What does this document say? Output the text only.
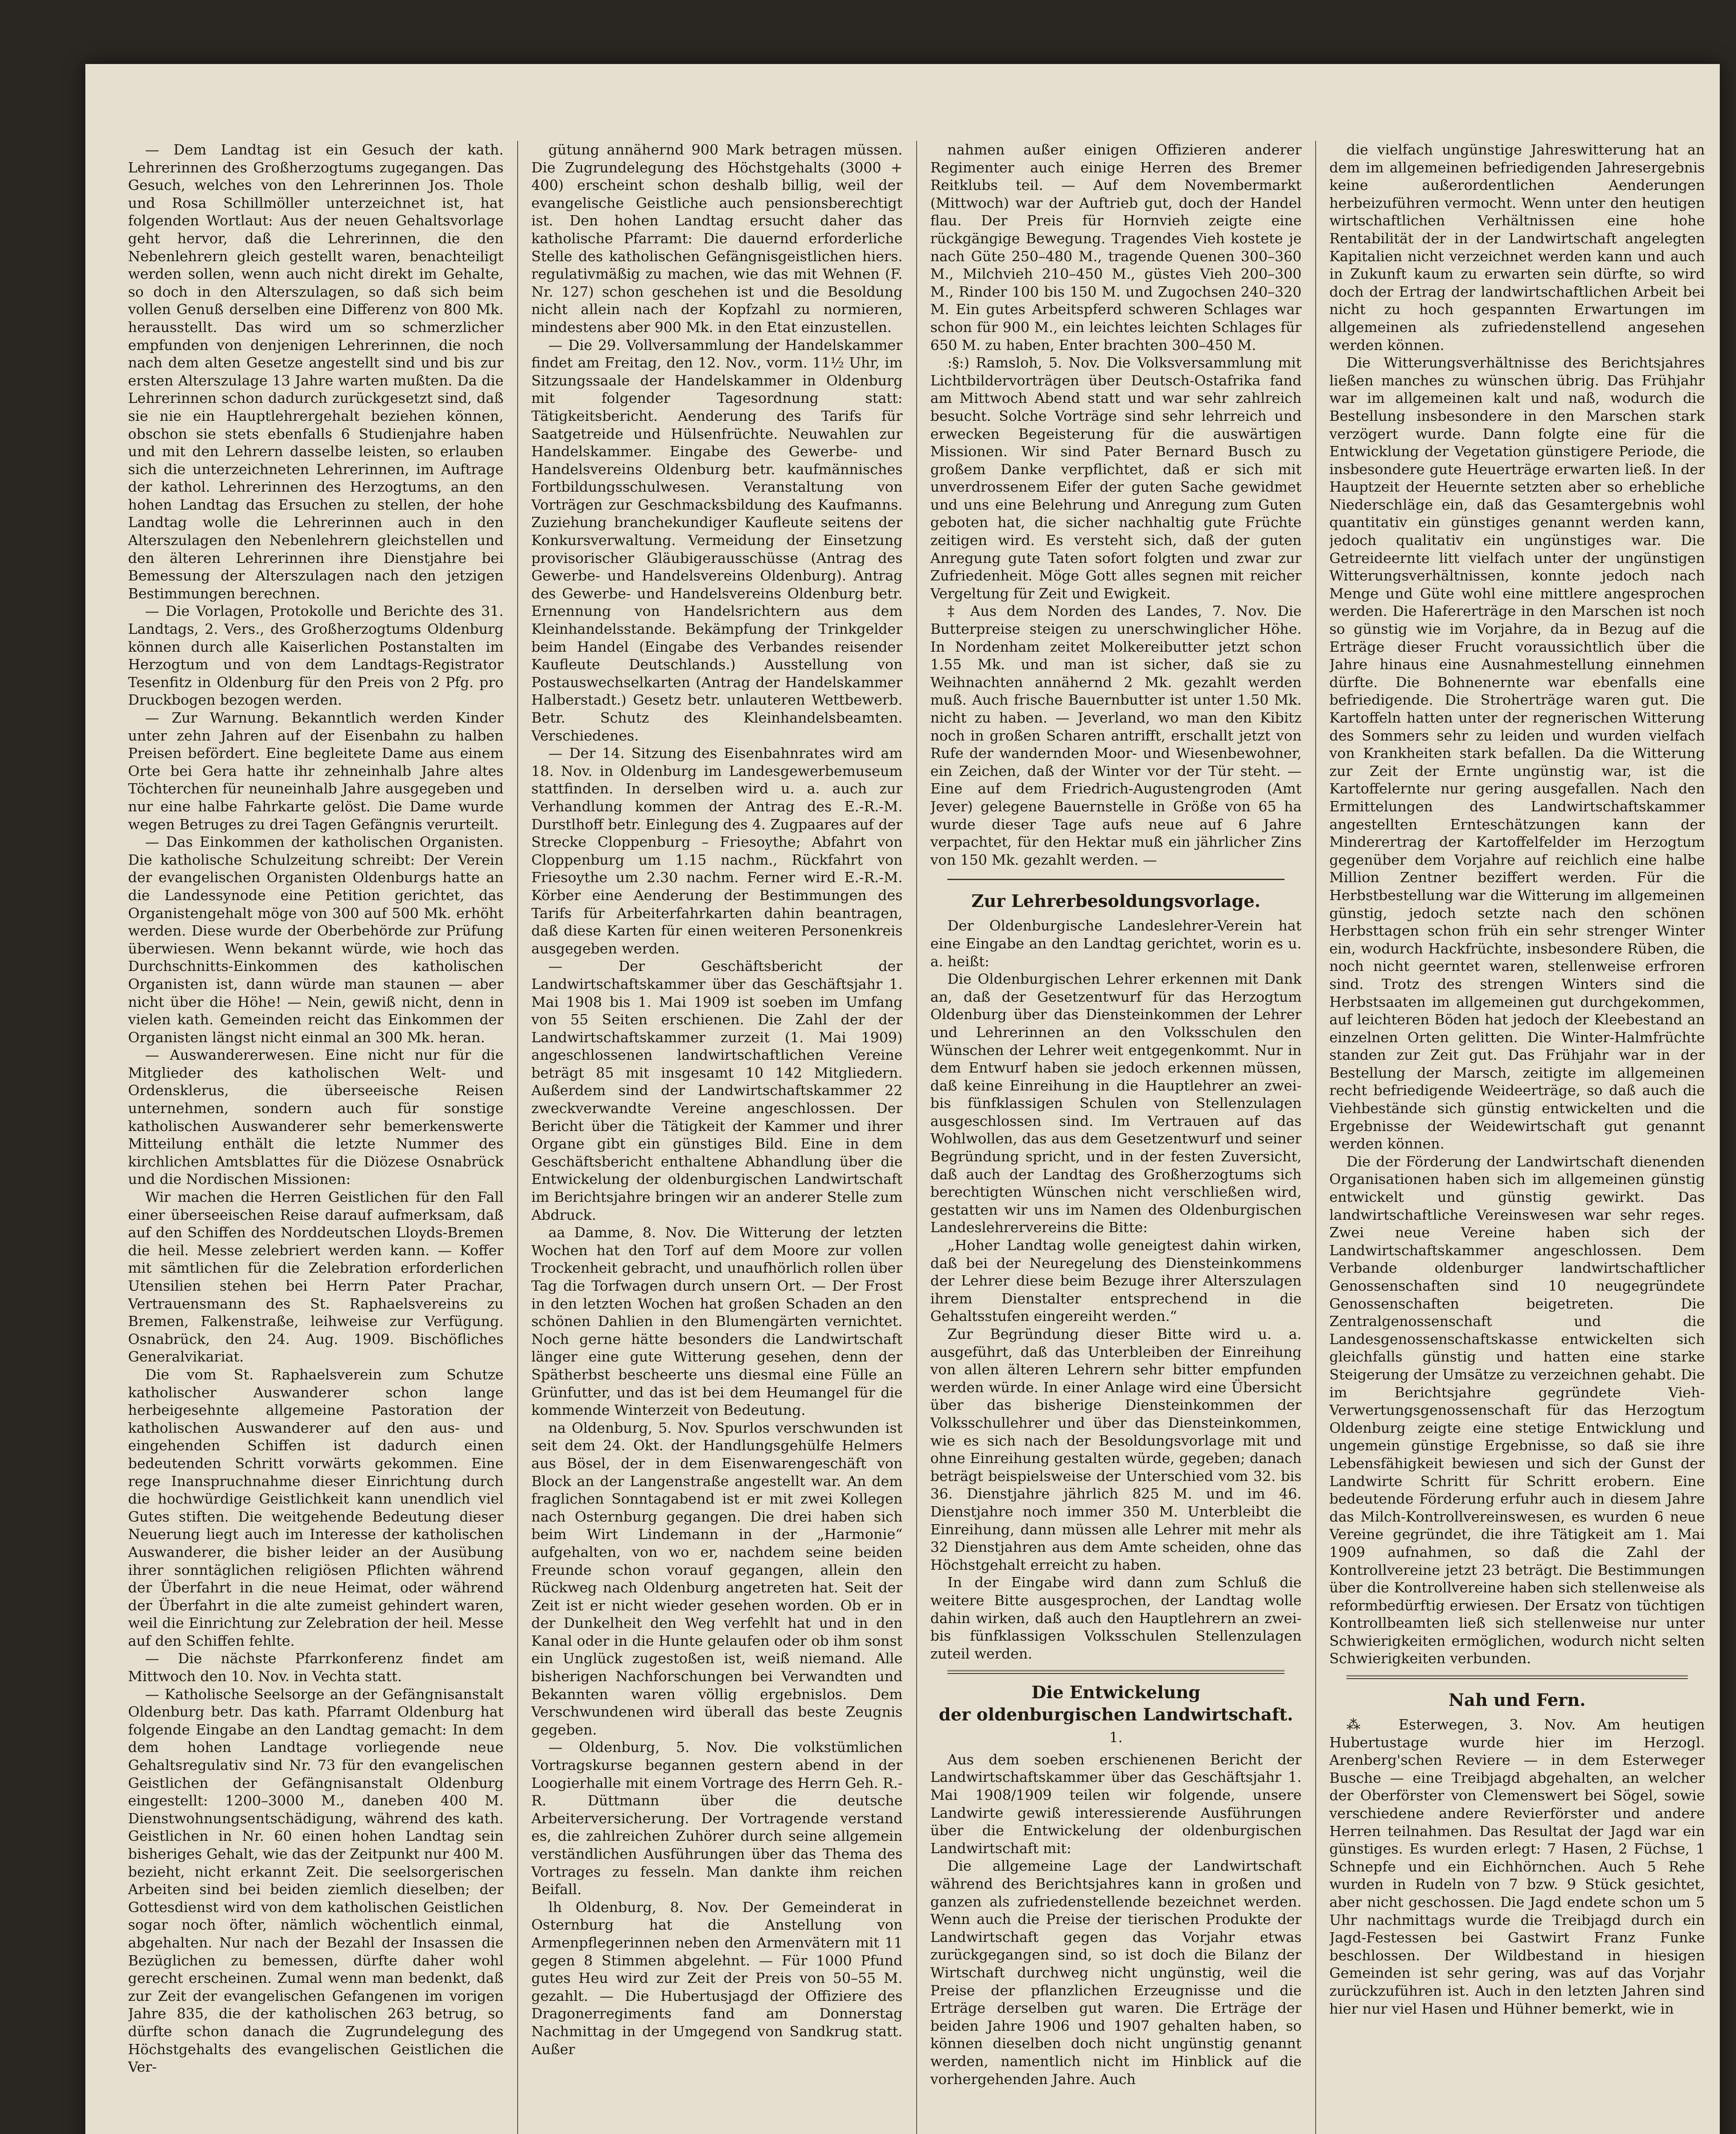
— Dem Landtag ist ein Gesuch der kath. Lehrerinnen des Großherzogtums zugegangen. Das Gesuch, welches von den Lehrerinnen Jos. Thole und Rosa Schillmöller unterzeichnet ist, hat folgenden Wortlaut: Aus der neuen Gehaltsvorlage geht hervor, daß die Lehrerinnen, die den Nebenlehrern gleich gestellt waren, benachteiligt werden sollen, wenn auch nicht direkt im Gehalte, so doch in den Alterszulagen, so daß sich beim vollen Genuß derselben eine Differenz von 800 Mk. herausstellt. Das wird um so schmerzlicher empfunden von denjenigen Lehrerinnen, die noch nach dem alten Gesetze angestellt sind und bis zur ersten Alterszulage 13 Jahre warten mußten. Da die Lehrerinnen schon dadurch zurückgesetzt sind, daß sie nie ein Hauptlehrergehalt beziehen können, obschon sie stets ebenfalls 6 Studienjahre haben und mit den Lehrern dasselbe leisten, so erlauben sich die unterzeichneten Lehrerinnen, im Auftrage der kathol. Lehrerinnen des Herzogtums, an den hohen Landtag das Ersuchen zu stellen, der hohe Landtag wolle die Lehrerinnen auch in den Alterszulagen den Nebenlehrern gleichstellen und den älteren Lehrerinnen ihre Dienstjahre bei Bemessung der Alterszulagen nach den jetzigen Bestimmungen berechnen.

— Die Vorlagen, Protokolle und Berichte des 31. Landtags, 2. Vers., des Großherzogtums Oldenburg können durch alle Kaiserlichen Postanstalten im Herzogtum und von dem Landtags-Registrator Tesenfitz in Oldenburg für den Preis von 2 Pfg. pro Druckbogen bezogen werden.

— Zur Warnung. Bekanntlich werden Kinder unter zehn Jahren auf der Eisenbahn zu halben Preisen befördert. Eine begleitete Dame aus einem Orte bei Gera hatte ihr zehneinhalb Jahre altes Töchterchen für neuneinhalb Jahre ausgegeben und nur eine halbe Fahrkarte gelöst. Die Dame wurde wegen Betruges zu drei Tagen Gefängnis verurteilt.

— Das Einkommen der katholischen Organisten. Die katholische Schulzeitung schreibt: Der Verein der evangelischen Organisten Oldenburgs hatte an die Landessynode eine Petition gerichtet, das Organistengehalt möge von 300 auf 500 Mk. erhöht werden. Diese wurde der Oberbehörde zur Prüfung überwiesen. Wenn bekannt würde, wie hoch das Durchschnitts-Einkommen des katholischen Organisten ist, dann würde man staunen — aber nicht über die Höhe! — Nein, gewiß nicht, denn in vielen kath. Gemeinden reicht das Einkommen der Organisten längst nicht einmal an 300 Mk. heran.

— Auswandererwesen. Eine nicht nur für die Mitglieder des katholischen Welt- und Ordensklerus, die überseeische Reisen unternehmen, sondern auch für sonstige katholischen Auswanderer sehr bemerkenswerte Mitteilung enthält die letzte Nummer des kirchlichen Amtsblattes für die Diözese Osnabrück und die Nordischen Missionen:

Wir machen die Herren Geistlichen für den Fall einer überseeischen Reise darauf aufmerksam, daß auf den Schiffen des Norddeutschen Lloyds-Bremen die heil. Messe zelebriert werden kann. — Koffer mit sämtlichen für die Zelebration erforderlichen Utensilien stehen bei Herrn Pater Prachar, Vertrauensmann des St. Raphaelsvereins zu Bremen, Falkenstraße, leihweise zur Verfügung. Osnabrück, den 24. Aug. 1909. Bischöfliches Generalvikariat.

Die vom St. Raphaelsverein zum Schutze katholischer Auswanderer schon lange herbeigesehnte allgemeine Pastoration der katholischen Auswanderer auf den aus- und eingehenden Schiffen ist dadurch einen bedeutenden Schritt vorwärts gekommen. Eine rege Inanspruchnahme dieser Einrichtung durch die hochwürdige Geistlichkeit kann unendlich viel Gutes stiften. Die weitgehende Bedeutung dieser Neuerung liegt auch im Interesse der katholischen Auswanderer, die bisher leider an der Ausübung ihrer sonntäglichen religiösen Pflichten während der Überfahrt in die neue Heimat, oder während der Überfahrt in die alte zumeist gehindert waren, weil die Einrichtung zur Zelebration der heil. Messe auf den Schiffen fehlte.

— Die nächste Pfarrkonferenz findet am Mittwoch den 10. Nov. in Vechta statt.

— Katholische Seelsorge an der Gefängnisanstalt Oldenburg betr. Das kath. Pfarramt Oldenburg hat folgende Eingabe an den Landtag gemacht: In dem dem hohen Landtage vorliegende neue Gehaltsregulativ sind Nr. 73 für den evangelischen Geistlichen der Gefängnisanstalt Oldenburg eingestellt: 1200–3000 M., daneben 400 M. Dienstwohnungsentschädigung, während des kath. Geistlichen in Nr. 60 einen hohen Landtag sein bisheriges Gehalt, wie das der Zeitpunkt nur 400 M. bezieht, nicht erkannt Zeit. Die seelsorgerischen Arbeiten sind bei beiden ziemlich dieselben; der Gottesdienst wird von dem katholischen Geistlichen sogar noch öfter, nämlich wöchentlich einmal, abgehalten. Nur nach der Bezahl der Insassen die Bezüglichen zu bemessen, dürfte daher wohl gerecht erscheinen. Zumal wenn man bedenkt, daß zur Zeit der evangelischen Gefangenen im vorigen Jahre 835, die der katholischen 263 betrug, so dürfte schon danach die Zugrundelegung des Höchstgehalts des evangelischen Geistlichen die Ver-

gütung annähernd 900 Mark betragen müssen. Die Zugrundelegung des Höchstgehalts (3000 + 400) erscheint schon deshalb billig, weil der evangelische Geistliche auch pensionsberechtigt ist. Den hohen Landtag ersucht daher das katholische Pfarramt: Die dauernd erforderliche Stelle des katholischen Gefängnisgeistlichen hiers. regulativmäßig zu machen, wie das mit Wehnen (F. Nr. 127) schon geschehen ist und die Besoldung nicht allein nach der Kopfzahl zu normieren, mindestens aber 900 Mk. in den Etat einzustellen.

— Die 29. Vollversammlung der Handelskammer findet am Freitag, den 12. Nov., vorm. 11½ Uhr, im Sitzungssaale der Handelskammer in Oldenburg mit folgender Tagesordnung statt: Tätigkeitsbericht. Aenderung des Tarifs für Saatgetreide und Hülsenfrüchte. Neuwahlen zur Handelskammer. Eingabe des Gewerbe- und Handelsvereins Oldenburg betr. kaufmännisches Fortbildungsschulwesen. Veranstaltung von Vorträgen zur Geschmacksbildung des Kaufmanns. Zuziehung branchekundiger Kaufleute seitens der Konkursverwaltung. Vermeidung der Einsetzung provisorischer Gläubigerausschüsse (Antrag des Gewerbe- und Handelsvereins Oldenburg). Antrag des Gewerbe- und Handelsvereins Oldenburg betr. Ernennung von Handelsrichtern aus dem Kleinhandelsstande. Bekämpfung der Trinkgelder beim Handel (Eingabe des Verbandes reisender Kaufleute Deutschlands.) Ausstellung von Postauswechselkarten (Antrag der Handelskammer Halberstadt.) Gesetz betr. unlauteren Wettbewerb. Betr. Schutz des Kleinhandelsbeamten. Verschiedenes.

— Der 14. Sitzung des Eisenbahnrates wird am 18. Nov. in Oldenburg im Landesgewerbemuseum stattfinden. In derselben wird u. a. auch zur Verhandlung kommen der Antrag des E.-R.-M. Durstlhoff betr. Einlegung des 4. Zugpaares auf der Strecke Cloppenburg – Friesoythe; Abfahrt von Cloppenburg um 1.15 nachm., Rückfahrt von Friesoythe um 2.30 nachm. Ferner wird E.-R.-M. Körber eine Aenderung der Bestimmungen des Tarifs für Arbeiterfahrkarten dahin beantragen, daß diese Karten für einen weiteren Personenkreis ausgegeben werden.

— Der Geschäftsbericht der Landwirtschaftskammer über das Geschäftsjahr 1. Mai 1908 bis 1. Mai 1909 ist soeben im Umfang von 55 Seiten erschienen. Die Zahl der der Landwirtschaftskammer zurzeit (1. Mai 1909) angeschlossenen landwirtschaftlichen Vereine beträgt 85 mit insgesamt 10 142 Mitgliedern. Außerdem sind der Landwirtschaftskammer 22 zweckverwandte Vereine angeschlossen. Der Bericht über die Tätigkeit der Kammer und ihrer Organe gibt ein günstiges Bild. Eine in dem Geschäftsbericht enthaltene Abhandlung über die Entwickelung der oldenburgischen Landwirtschaft im Berichtsjahre bringen wir an anderer Stelle zum Abdruck.

aa Damme, 8. Nov. Die Witterung der letzten Wochen hat den Torf auf dem Moore zur vollen Trockenheit gebracht, und unaufhörlich rollen über Tag die Torfwagen durch unsern Ort. — Der Frost in den letzten Wochen hat großen Schaden an den schönen Dahlien in den Blumengärten vernichtet. Noch gerne hätte besonders die Landwirtschaft länger eine gute Witterung gesehen, denn der Spätherbst bescheerte uns diesmal eine Fülle an Grünfutter, und das ist bei dem Heumangel für die kommende Winterzeit von Bedeutung.

na Oldenburg, 5. Nov. Spurlos verschwunden ist seit dem 24. Okt. der Handlungsgehülfe Helmers aus Bösel, der in dem Eisenwarengeschäft von Block an der Langenstraße angestellt war. An dem fraglichen Sonntagabend ist er mit zwei Kollegen nach Osternburg gegangen. Die drei haben sich beim Wirt Lindemann in der „Harmonie“ aufgehalten, von wo er, nachdem seine beiden Freunde schon vorauf gegangen, allein den Rückweg nach Oldenburg angetreten hat. Seit der Zeit ist er nicht wieder gesehen worden. Ob er in der Dunkelheit den Weg verfehlt hat und in den Kanal oder in die Hunte gelaufen oder ob ihm sonst ein Unglück zugestoßen ist, weiß niemand. Alle bisherigen Nachforschungen bei Verwandten und Bekannten waren völlig ergebnislos. Dem Verschwundenen wird überall das beste Zeugnis gegeben.

— Oldenburg, 5. Nov. Die volkstümlichen Vortragskurse begannen gestern abend in der Loogierhalle mit einem Vortrage des Herrn Geh. R.-R. Düttmann über die deutsche Arbeiterversicherung. Der Vortragende verstand es, die zahlreichen Zuhörer durch seine allgemein verständlichen Ausführungen über das Thema des Vortrages zu fesseln. Man dankte ihm reichen Beifall.

lh Oldenburg, 8. Nov. Der Gemeinderat in Osternburg hat die Anstellung von Armenpflegerinnen neben den Armenvätern mit 11 gegen 8 Stimmen abgelehnt. — Für 1000 Pfund gutes Heu wird zur Zeit der Preis von 50–55 M. gezahlt. — Die Hubertusjagd der Offiziere des Dragonerregiments fand am Donnerstag Nachmittag in der Umgegend von Sandkrug statt. Außer

nahmen außer einigen Offizieren anderer Regimenter auch einige Herren des Bremer Reitklubs teil. — Auf dem Novembermarkt (Mittwoch) war der Auftrieb gut, doch der Handel flau. Der Preis für Hornvieh zeigte eine rückgängige Bewegung. Tragendes Vieh kostete je nach Güte 250–480 M., tragende Quenen 300–360 M., Milchvieh 210–450 M., güstes Vieh 200–300 M., Rinder 100 bis 150 M. und Zugochsen 240–320 M. Ein gutes Arbeitspferd schweren Schlages war schon für 900 M., ein leichtes leichten Schlages für 650 M. zu haben, Enter brachten 300–450 M.

:§:) Ramsloh, 5. Nov. Die Volksversammlung mit Lichtbildervorträgen über Deutsch-Ostafrika fand am Mittwoch Abend statt und war sehr zahlreich besucht. Solche Vorträge sind sehr lehrreich und erwecken Begeisterung für die auswärtigen Missionen. Wir sind Pater Bernard Busch zu großem Danke verpflichtet, daß er sich mit unverdrossenem Eifer der guten Sache gewidmet und uns eine Belehrung und Anregung zum Guten geboten hat, die sicher nachhaltig gute Früchte zeitigen wird. Es versteht sich, daß der guten Anregung gute Taten sofort folgten und zwar zur Zufriedenheit. Möge Gott alles segnen mit reicher Vergeltung für Zeit und Ewigkeit.

‡ Aus dem Norden des Landes, 7. Nov. Die Butterpreise steigen zu unerschwinglicher Höhe. In Nordenham zeitet Molkereibutter jetzt schon 1.55 Mk. und man ist sicher, daß sie zu Weihnachten annähernd 2 Mk. gezahlt werden muß. Auch frische Bauernbutter ist unter 1.50 Mk. nicht zu haben. — Jeverland, wo man den Kibitz noch in großen Scharen antrifft, erschallt jetzt von Rufe der wandernden Moor- und Wiesenbewohner, ein Zeichen, daß der Winter vor der Tür steht. — Eine auf dem Friedrich-Augustengroden (Amt Jever) gelegene Bauernstelle in Größe von 65 ha wurde dieser Tage aufs neue auf 6 Jahre verpachtet, für den Hektar muß ein jährlicher Zins von 150 Mk. gezahlt werden. —

Zur Lehrerbesoldungsvorlage.

Der Oldenburgische Landeslehrer-Verein hat eine Eingabe an den Landtag gerichtet, worin es u. a. heißt:

Die Oldenburgischen Lehrer erkennen mit Dank an, daß der Gesetzentwurf für das Herzogtum Oldenburg über das Diensteinkommen der Lehrer und Lehrerinnen an den Volksschulen den Wünschen der Lehrer weit entgegenkommt. Nur in dem Entwurf haben sie jedoch erkennen müssen, daß keine Einreihung in die Hauptlehrer an zwei- bis fünfklassigen Schulen von Stellenzulagen ausgeschlossen sind. Im Vertrauen auf das Wohlwollen, das aus dem Gesetzentwurf und seiner Begründung spricht, und in der festen Zuversicht, daß auch der Landtag des Großherzogtums sich berechtigten Wünschen nicht verschließen wird, gestatten wir uns im Namen des Oldenburgischen Landeslehrervereins die Bitte:

„Hoher Landtag wolle geneigtest dahin wirken, daß bei der Neuregelung des Diensteinkommens der Lehrer diese beim Bezuge ihrer Alterszulagen ihrem Dienstalter entsprechend in die Gehaltsstufen eingereiht werden.“

Zur Begründung dieser Bitte wird u. a. ausgeführt, daß das Unterbleiben der Einreihung von allen älteren Lehrern sehr bitter empfunden werden würde. In einer Anlage wird eine Übersicht über das bisherige Diensteinkommen der Volksschullehrer und über das Diensteinkommen, wie es sich nach der Besoldungsvorlage mit und ohne Einreihung gestalten würde, gegeben; danach beträgt beispielsweise der Unterschied vom 32. bis 36. Dienstjahre jährlich 825 M. und im 46. Dienstjahre noch immer 350 M. Unterbleibt die Einreihung, dann müssen alle Lehrer mit mehr als 32 Dienstjahren aus dem Amte scheiden, ohne das Höchstgehalt erreicht zu haben.

In der Eingabe wird dann zum Schluß die weitere Bitte ausgesprochen, der Landtag wolle dahin wirken, daß auch den Hauptlehrern an zwei- bis fünfklassigen Volksschulen Stellenzulagen zuteil werden.

Die Entwickelung
der oldenburgischen Landwirtschaft.
1.

Aus dem soeben erschienenen Bericht der Landwirtschaftskammer über das Geschäftsjahr 1. Mai 1908/1909 teilen wir folgende, unsere Landwirte gewiß interessierende Ausführungen über die Entwickelung der oldenburgischen Landwirtschaft mit:

Die allgemeine Lage der Landwirtschaft während des Berichtsjahres kann in großen und ganzen als zufriedenstellende bezeichnet werden. Wenn auch die Preise der tierischen Produkte der Landwirtschaft gegen das Vorjahr etwas zurückgegangen sind, so ist doch die Bilanz der Wirtschaft durchweg nicht ungünstig, weil die Preise der pflanzlichen Erzeugnisse und die Erträge derselben gut waren. Die Erträge der beiden Jahre 1906 und 1907 gehalten haben, so können dieselben doch nicht ungünstig genannt werden, namentlich nicht im Hinblick auf die vorhergehenden Jahre. Auch

die vielfach ungünstige Jahreswitterung hat an dem im allgemeinen befriedigenden Jahresergebnis keine außerordentlichen Aenderungen herbeizuführen vermocht. Wenn unter den heutigen wirtschaftlichen Verhältnissen eine hohe Rentabilität der in der Landwirtschaft angelegten Kapitalien nicht verzeichnet werden kann und auch in Zukunft kaum zu erwarten sein dürfte, so wird doch der Ertrag der landwirtschaftlichen Arbeit bei nicht zu hoch gespannten Erwartungen im allgemeinen als zufriedenstellend angesehen werden können.

Die Witterungsverhältnisse des Berichtsjahres ließen manches zu wünschen übrig. Das Frühjahr war im allgemeinen kalt und naß, wodurch die Bestellung insbesondere in den Marschen stark verzögert wurde. Dann folgte eine für die Entwicklung der Vegetation günstigere Periode, die insbesondere gute Heuerträge erwarten ließ. In der Hauptzeit der Heuernte setzten aber so erhebliche Niederschläge ein, daß das Gesamtergebnis wohl quantitativ ein günstiges genannt werden kann, jedoch qualitativ ein ungünstiges war. Die Getreideernte litt vielfach unter der ungünstigen Witterungsverhältnissen, konnte jedoch nach Menge und Güte wohl eine mittlere angesprochen werden. Die Hafererträge in den Marschen ist noch so günstig wie im Vorjahre, da in Bezug auf die Erträge dieser Frucht voraussichtlich über die Jahre hinaus eine Ausnahmestellung einnehmen dürfte. Die Bohnenernte war ebenfalls eine befriedigende. Die Stroherträge waren gut. Die Kartoffeln hatten unter der regnerischen Witterung des Sommers sehr zu leiden und wurden vielfach von Krankheiten stark befallen. Da die Witterung zur Zeit der Ernte ungünstig war, ist die Kartoffelernte nur gering ausgefallen. Nach den Ermittelungen des Landwirtschaftskammer angestellten Ernteschätzungen kann der Minderertrag der Kartoffelfelder im Herzogtum gegenüber dem Vorjahre auf reichlich eine halbe Million Zentner beziffert werden. Für die Herbstbestellung war die Witterung im allgemeinen günstig, jedoch setzte nach den schönen Herbsttagen schon früh ein sehr strenger Winter ein, wodurch Hackfrüchte, insbesondere Rüben, die noch nicht geerntet waren, stellenweise erfroren sind. Trotz des strengen Winters sind die Herbstsaaten im allgemeinen gut durchgekommen, auf leichteren Böden hat jedoch der Kleebestand an einzelnen Orten gelitten. Die Winter-Halmfrüchte standen zur Zeit gut. Das Frühjahr war in der Bestellung der Marsch, zeitigte im allgemeinen recht befriedigende Weideerträge, so daß auch die Viehbestände sich günstig entwickelten und die Ergebnisse der Weidewirtschaft gut genannt werden können.

Die der Förderung der Landwirtschaft dienenden Organisationen haben sich im allgemeinen günstig entwickelt und günstig gewirkt. Das landwirtschaftliche Vereinswesen war sehr reges. Zwei neue Vereine haben sich der Landwirtschaftskammer angeschlossen. Dem Verbande oldenburger landwirtschaftlicher Genossenschaften sind 10 neugegründete Genossenschaften beigetreten. Die Zentralgenossenschaft und die Landesgenossenschaftskasse entwickelten sich gleichfalls günstig und hatten eine starke Steigerung der Umsätze zu verzeichnen gehabt. Die im Berichtsjahre gegründete Vieh-Verwertungsgenossenschaft für das Herzogtum Oldenburg zeigte eine stetige Entwicklung und ungemein günstige Ergebnisse, so daß sie ihre Lebensfähigkeit bewiesen und sich der Gunst der Landwirte Schritt für Schritt erobern. Eine bedeutende Förderung erfuhr auch in diesem Jahre das Milch-Kontrollvereinswesen, es wurden 6 neue Vereine gegründet, die ihre Tätigkeit am 1. Mai 1909 aufnahmen, so daß die Zahl der Kontrollvereine jetzt 23 beträgt. Die Bestimmungen über die Kontrollvereine haben sich stellenweise als reformbedürftig erwiesen. Der Ersatz von tüchtigen Kontrollbeamten ließ sich stellenweise nur unter Schwierigkeiten ermöglichen, wodurch nicht selten Schwierigkeiten verbunden.

Nah und Fern.

⁂ Esterwegen, 3. Nov. Am heutigen Hubertustage wurde hier im Herzogl. Arenberg'schen Reviere — in dem Esterweger Busche — eine Treibjagd abgehalten, an welcher der Oberförster von Clemenswert bei Sögel, sowie verschiedene andere Revierförster und andere Herren teilnahmen. Das Resultat der Jagd war ein günstiges. Es wurden erlegt: 7 Hasen, 2 Füchse, 1 Schnepfe und ein Eichhörnchen. Auch 5 Rehe wurden in Rudeln von 7 bzw. 9 Stück gesichtet, aber nicht geschossen. Die Jagd endete schon um 5 Uhr nachmittags wurde die Treibjagd durch ein Jagd-Festessen bei Gastwirt Franz Funke beschlossen. Der Wildbestand in hiesigen Gemeinden ist sehr gering, was auf das Vorjahr zurückzuführen ist. Auch in den letzten Jahren sind hier nur viel Hasen und Hühner bemerkt, wie in
